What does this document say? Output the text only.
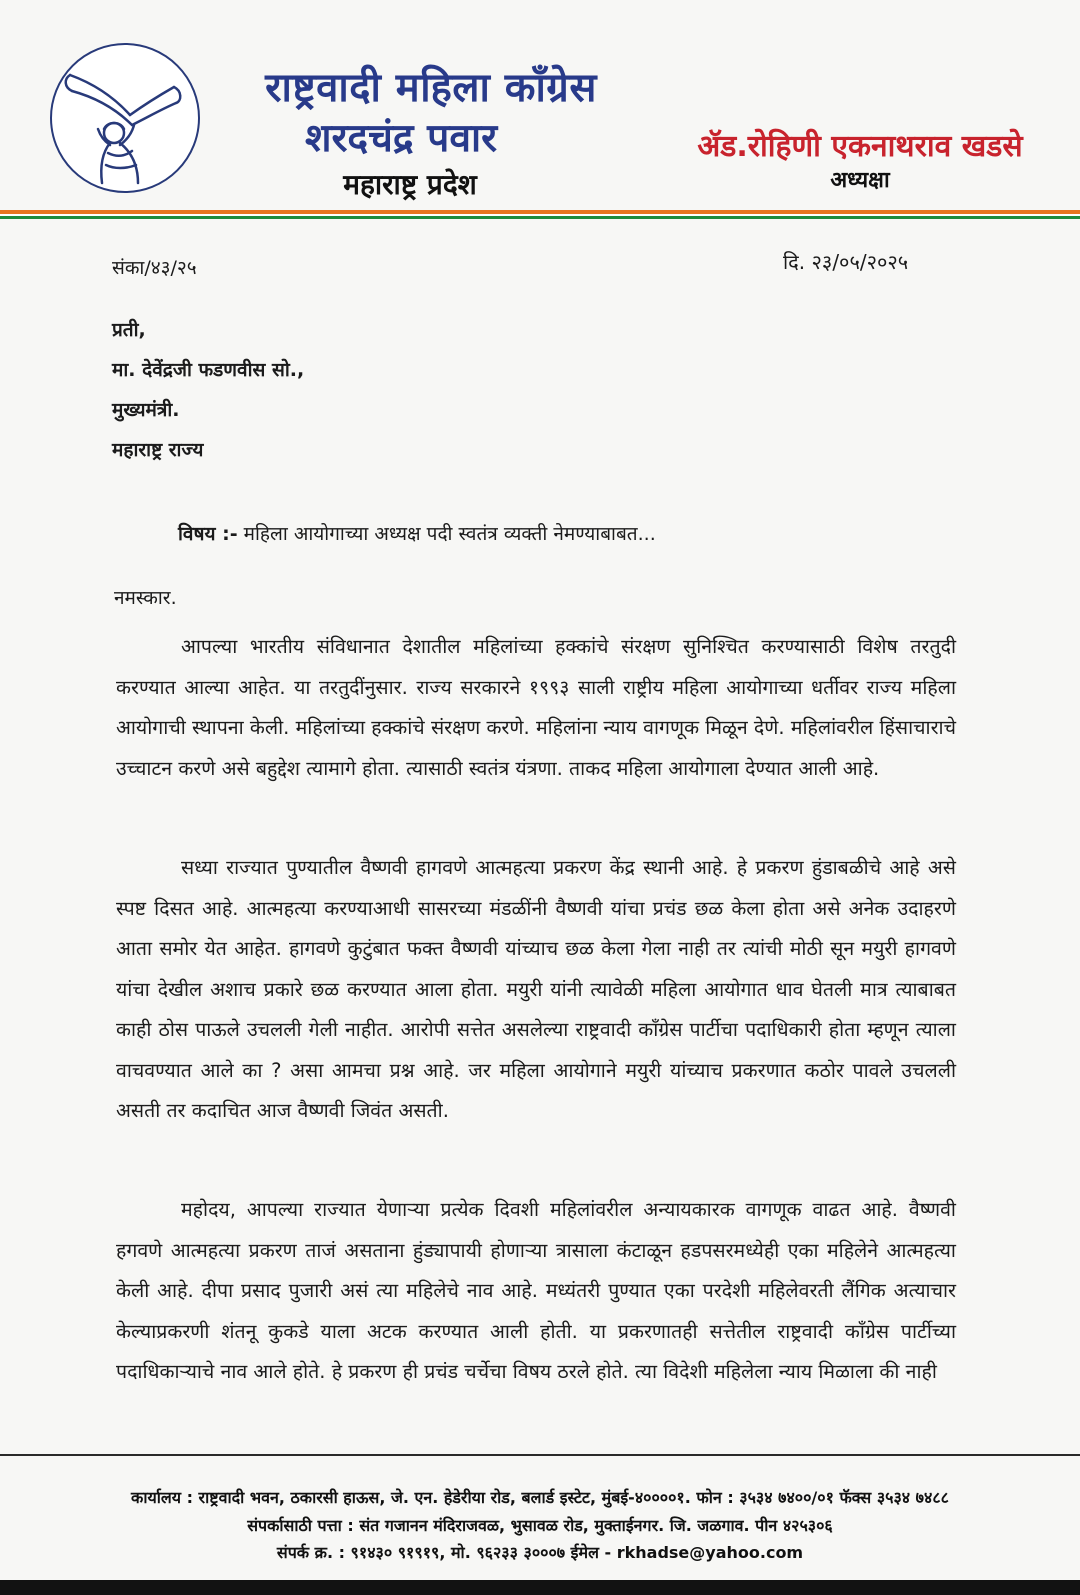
राष्ट्रवादी महिला काँग्रेस
शरदचंद्र पवार
महाराष्ट्र प्रदेश
ॲड.रोहिणी एकनाथराव खडसे
अध्यक्षा
संका/४३/२५	दि. २३/०५/२०२५
प्रती,
मा. देवेंद्रजी फडणवीस सो.,
मुख्यमंत्री.
महाराष्ट्र राज्य
विषय :- महिला आयोगाच्या अध्यक्ष पदी स्वतंत्र व्यक्ती नेमण्याबाबत...
नमस्कार.
आपल्या भारतीय संविधानात देशातील महिलांच्या हक्कांचे संरक्षण सुनिश्चित करण्यासाठी विशेष तरतुदी करण्यात आल्या आहेत. या तरतुदींनुसार. राज्य सरकारने १९९३ साली राष्ट्रीय महिला आयोगाच्या धर्तीवर राज्य महिला आयोगाची स्थापना केली. महिलांच्या हक्कांचे संरक्षण करणे. महिलांना न्याय वागणूक मिळून देणे. महिलांवरील हिंसाचाराचे उच्चाटन करणे असे बहुद्देश त्यामागे होता. त्यासाठी स्वतंत्र यंत्रणा. ताकद महिला आयोगाला देण्यात आली आहे.
सध्या राज्यात पुण्यातील वैष्णवी हागवणे आत्महत्या प्रकरण केंद्र स्थानी आहे. हे प्रकरण हुंडाबळीचे आहे असे स्पष्ट दिसत आहे. आत्महत्या करण्याआधी सासरच्या मंडळींनी वैष्णवी यांचा प्रचंड छळ केला होता असे अनेक उदाहरणे आता समोर येत आहेत. हागवणे कुटुंबात फक्त वैष्णवी यांच्याच छळ केला गेला नाही तर त्यांची मोठी सून मयुरी हागवणे यांचा देखील अशाच प्रकारे छळ करण्यात आला होता. मयुरी यांनी त्यावेळी महिला आयोगात धाव घेतली मात्र त्याबाबत काही ठोस पाऊले उचलली गेली नाहीत. आरोपी सत्तेत असलेल्या राष्ट्रवादी कॉंग्रेस पार्टीचा पदाधिकारी होता म्हणून त्याला वाचवण्यात आले का ? असा आमचा प्रश्न आहे. जर महिला आयोगाने मयुरी यांच्याच प्रकरणात कठोर पावले उचलली असती तर कदाचित आज वैष्णवी जिवंत असती.
महोदय, आपल्या राज्यात येणाऱ्या प्रत्येक दिवशी महिलांवरील अन्यायकारक वागणूक वाढत आहे. वैष्णवी हगवणे आत्महत्या प्रकरण ताजं असताना हुंड्यापायी होणाऱ्या त्रासाला कंटाळून हडपसरमध्येही एका महिलेने आत्महत्या केली आहे. दीपा प्रसाद पुजारी असं त्या महिलेचे नाव आहे. मध्यंतरी पुण्यात एका परदेशी महिलेवरती लैंगिक अत्याचार केल्याप्रकरणी शंतनू कुकडे याला अटक करण्यात आली होती. या प्रकरणातही सत्तेतील राष्ट्रवादी कॉंग्रेस पार्टीच्या पदाधिकाऱ्याचे नाव आले होते. हे प्रकरण ही प्रचंड चर्चेचा विषय ठरले होते. त्या विदेशी महिलेला न्याय मिळाला की नाही
कार्यालय : राष्ट्रवादी भवन, ठकारसी हाऊस, जे. एन. हेडेरीया रोड, बलार्ड इस्टेट, मुंबई-४००००१. फोन : ३५३४ ७४००/०१ फॅक्स ३५३४ ७४८८
संपर्कासाठी पत्ता : संत गजानन मंदिराजवळ, भुसावळ रोड, मुक्ताईनगर. जि. जळगाव. पीन ४२५३०६
संपर्क क्र. : ९१४३० ९१९१९, मो. ९६२३३ ३०००७ ईमेल - rkhadse@yahoo.com
